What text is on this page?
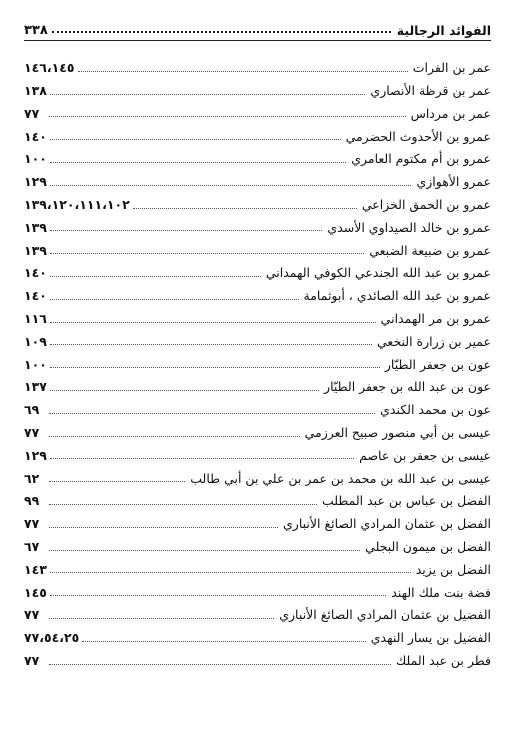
الفوائد الرجالية
٣٣٨
عمر بن الفرات
١٤٦،١٤٥
عمر بن قرظة الأنصاري
١٣٨
عمر بن مرداس
٧٧
عمرو بن الأحدوث الحضرمي
١٤٠
عمرو بن أم مكتوم العامري
١٠٠
عمرو الأهوازي
١٢٩
عمرو بن الحمق الخزاعي
١٣٩،١٢٠،١١١،١٠٢
عمرو بن خالد الصيداوي الأسدي
١٣٩
عمرو بن ضبيعة الضبعي
١٣٩
عمرو بن عبد الله الجندعي الكوفي الهمداني
١٤٠
عمرو بن عبد الله الصائدي ، أبوثمامة
١٤٠
عمرو بن مر الهمداني
١١٦
عمير بن زرارة النخعي
١٠٩
عون بن جعفر الطيّار
١٠٠
عون بن عبد الله بن جعفر الطيّار
١٣٧
عون بن محمد الكندي
٦٩
عيسى بن أبي منصور صبيح العرزمي
٧٧
عيسى بن جعفر بن عاصم
١٢٩
عيسى بن عبد الله بن محمد بن عمر بن علي بن أبي طالب
٦٢
الفضل بن عباس بن عبد المطلب
٩٩
الفضل بن عثمان المرادي الصائغ الأنباري
٧٧
الفضل بن ميمون البجلي
٦٧
الفضل بن يزيد
١٤٣
فضة بنت ملك الهند
١٤٥
الفضيل بن عثمان المرادي الصائغ الأنباري
٧٧
الفضيل بن يسار النهدي
٧٧،٥٤،٢٥
فطر بن عبد الملك
٧٧
